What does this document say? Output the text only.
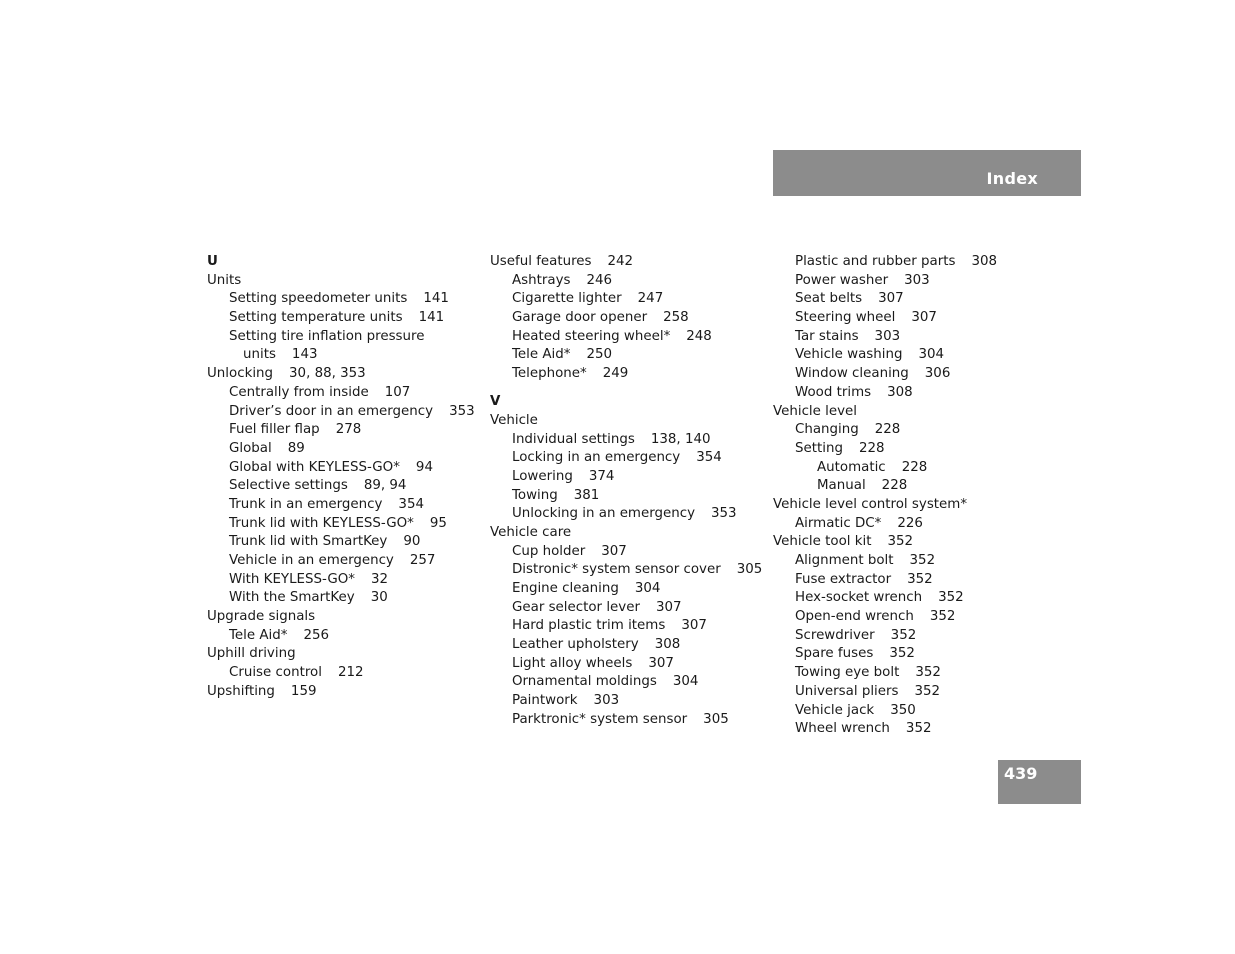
Index
U
Units
Setting speedometer units 141
Setting temperature units 141
Setting tire inflation pressure
units 143
Unlocking 30, 88, 353
Centrally from inside 107
Driver’s door in an emergency 353
Fuel filler flap 278
Global 89
Global with KEYLESS-GO* 94
Selective settings 89, 94
Trunk in an emergency 354
Trunk lid with KEYLESS-GO* 95
Trunk lid with SmartKey 90
Vehicle in an emergency 257
With KEYLESS-GO* 32
With the SmartKey 30
Upgrade signals
Tele Aid* 256
Uphill driving
Cruise control 212
Upshifting 159
Useful features 242
Ashtrays 246
Cigarette lighter 247
Garage door opener 258
Heated steering wheel* 248
Tele Aid* 250
Telephone* 249
V
Vehicle
Individual settings 138, 140
Locking in an emergency 354
Lowering 374
Towing 381
Unlocking in an emergency 353
Vehicle care
Cup holder 307
Distronic* system sensor cover 305
Engine cleaning 304
Gear selector lever 307
Hard plastic trim items 307
Leather upholstery 308
Light alloy wheels 307
Ornamental moldings 304
Paintwork 303
Parktronic* system sensor 305
Plastic and rubber parts 308
Power washer 303
Seat belts 307
Steering wheel 307
Tar stains 303
Vehicle washing 304
Window cleaning 306
Wood trims 308
Vehicle level
Changing 228
Setting 228
Automatic 228
Manual 228
Vehicle level control system*
Airmatic DC* 226
Vehicle tool kit 352
Alignment bolt 352
Fuse extractor 352
Hex-socket wrench 352
Open-end wrench 352
Screwdriver 352
Spare fuses 352
Towing eye bolt 352
Universal pliers 352
Vehicle jack 350
Wheel wrench 352
439
